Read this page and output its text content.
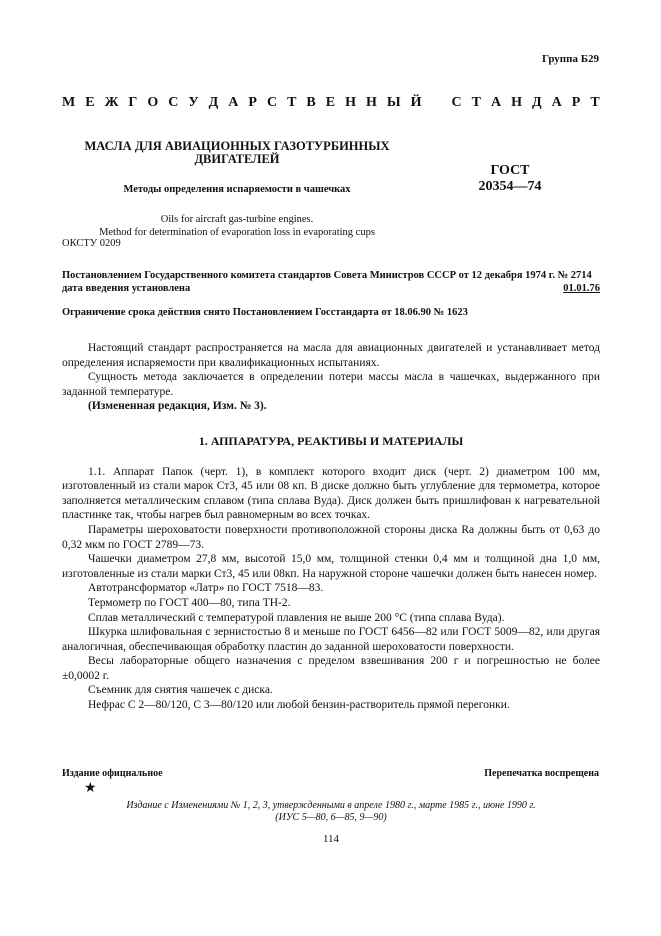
Группа Б29
М Е Ж Г О С У Д А Р С Т В Е Н Н Ы Й С Т А Н Д А Р Т
МАСЛА ДЛЯ АВИАЦИОННЫХ ГАЗОТУРБИННЫХ
ДВИГАТЕЛЕЙ
Методы определения испаряемости в чашечках
Oils for aircraft gas-turbine engines.
Method for determination of evaporation loss in evaporating cups
ГОСТ
20354—74
ОКСТУ 0209
Постановлением Государственного комитета стандартов Совета Министров СССР от 12 декабря 1974 г. № 2714
дата введения установлена	01.01.76
Ограничение срока действия снято Постановлением Госстандарта от 18.06.90 № 1623

Настоящий стандарт распространяется на масла для авиационных двигателей и устанавливает метод определения испаряемости при квалификационных испытаниях.

Сущность метода заключается в определении потери массы масла в чашечках, выдержанного при заданной температуре.

(Измененная редакция, Изм. № 3).

1. АППАРАТУРА, РЕАКТИВЫ И МАТЕРИАЛЫ

1.1. Аппарат Папок (черт. 1), в комплект которого входит диск (черт. 2) диаметром 100 мм, изготовленный из стали марок Ст3, 45 или 08 кп. В диске должно быть углубление для термометра, которое заполняется металлическим сплавом (типа сплава Вуда). Диск должен быть пришлифован к нагревательной пластинке так, чтобы нагрев был равномерным во всех точках.

Параметры шероховатости поверхности противоположной стороны диска Ra должны быть от 0,63 до 0,32 мкм по ГОСТ 2789—73.

Чашечки диаметром 27,8 мм, высотой 15,0 мм, толщиной стенки 0,4 мм и толщиной дна 1,0 мм, изготовленные из стали марки Ст3, 45 или 08кп. На наружной стороне чашечки должен быть нанесен номер.

Автотрансформатор «Латр» по ГОСТ 7518—83.

Термометр по ГОСТ 400—80, типа ТН-2.

Сплав металлический с температурой плавления не выше 200 °С (типа сплава Вуда).

Шкурка шлифовальная с зернистостью 8 и меньше по ГОСТ 6456—82 или ГОСТ 5009—82, или другая аналогичная, обеспечивающая обработку пластин до заданной шероховатости поверхности.

Весы лабораторные общего назначения с пределом взвешивания 200 г и погрешностью не более ±0,0002 г.

Съемник для снятия чашечек с диска.

Нефрас С 2—80/120, С 3—80/120 или любой бензин-растворитель прямой перегонки.

Издание официальное	Перепечатка воспрещена
★
Издание с Изменениями № 1, 2, 3, утвержденными в апреле 1980 г., марте 1985 г., июне 1990 г.
(ИУС 5—80, 6—85, 9—90)
114
